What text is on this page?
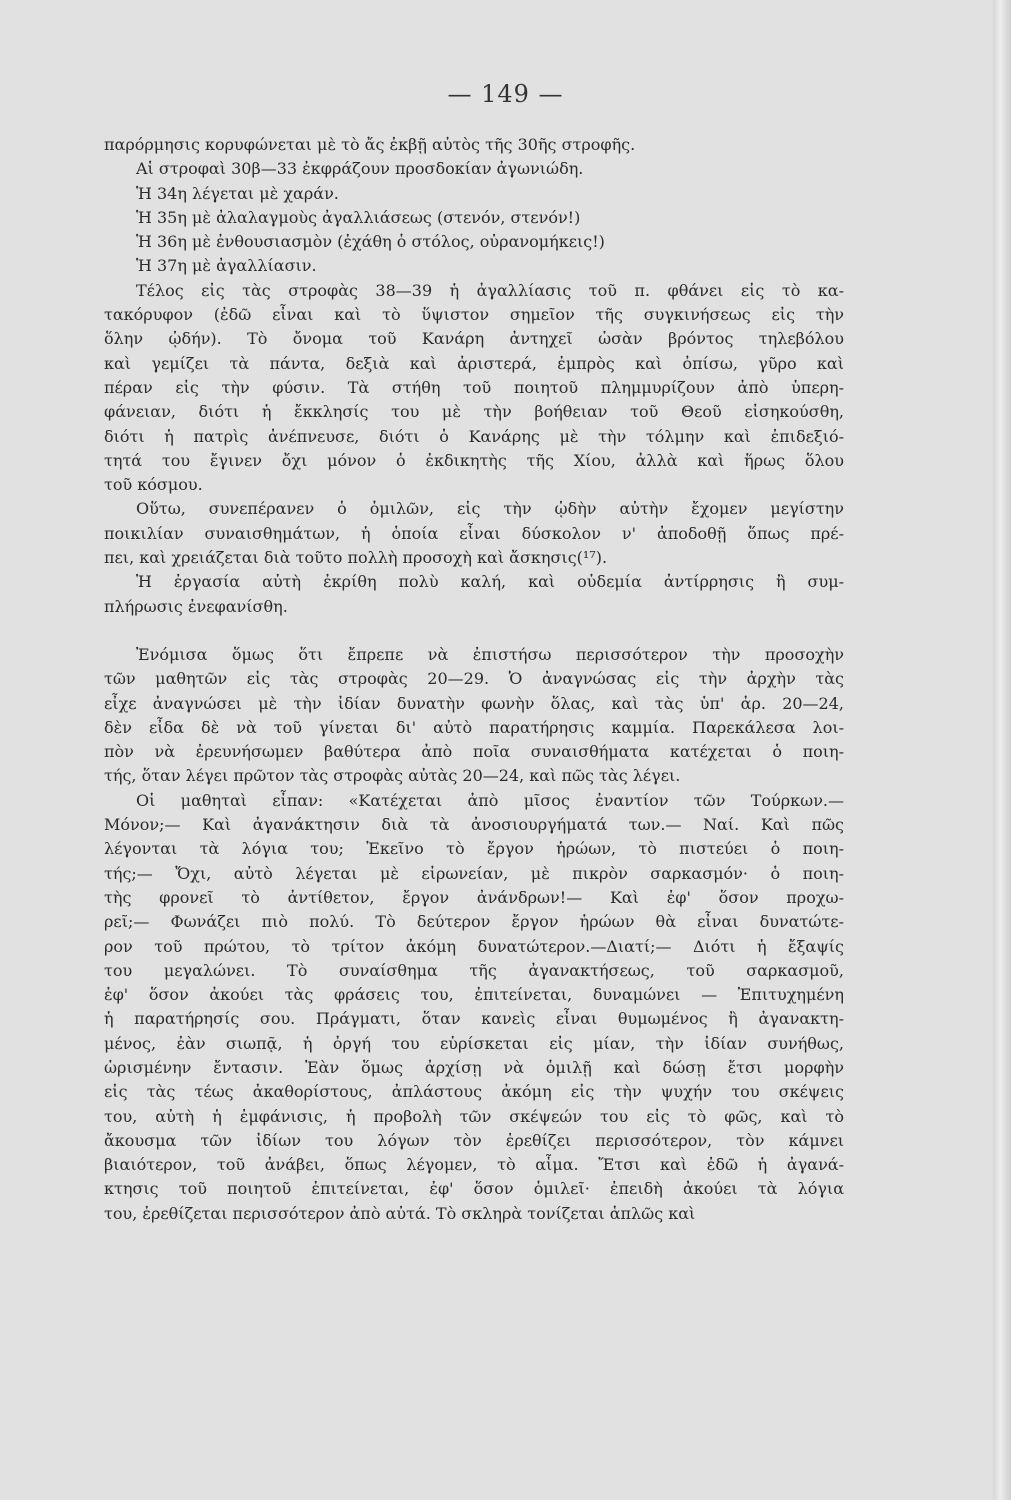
— 149 —
παρόρμησις κορυφώνεται μὲ τὸ ἄς ἐκβῇ αὐτὸς τῆς 30ῆς στροφῆς.
Αἱ στροφαὶ 30β—33 ἐκφράζουν προσδοκίαν ἀγωνιώδη.
Ἡ 34η λέγεται μὲ χαράν.
Ἡ 35η μὲ ἀλαλαγμοὺς ἀγαλλιάσεως (στενόν, στενόν!)
Ἡ 36η μὲ ἐνθουσιασμὸν (ἐχάθη ὁ στόλος, οὐρανομήκεις!)
Ἡ 37η μὲ ἀγαλλίασιν.
Τέλος εἰς τὰς στροφὰς 38—39 ἡ ἀγαλλίασις τοῦ π. φθάνει εἰς τὸ κα-
τακόρυφον (ἐδῶ εἶναι καὶ τὸ ὕψιστον σημεῖον τῆς συγκινήσεως εἰς τὴν
ὅλην ᾠδήν). Τὸ ὄνομα τοῦ Κανάρη ἀντηχεῖ ὡσὰν βρόντος τηλεβόλου
καὶ γεμίζει τὰ πάντα, δεξιὰ καὶ ἀριστερά, ἐμπρὸς καὶ ὀπίσω, γῦρο καὶ
πέραν εἰς τὴν φύσιν. Τὰ στήθη τοῦ ποιητοῦ πλημμυρίζουν ἀπὸ ὑπερη-
φάνειαν, διότι ἡ ἔκκλησίς του μὲ τὴν βοήθειαν τοῦ Θεοῦ εἰσηκούσθη,
διότι ἡ πατρὶς ἀνέπνευσε, διότι ὁ Κανάρης μὲ τὴν τόλμην καὶ ἐπιδεξιό-
τητά του ἔγινεν ὄχι μόνον ὁ ἐκδικητὴς τῆς Χίου, ἀλλὰ καὶ ἥρως ὅλου
τοῦ κόσμου.
Οὕτω, συνεπέρανεν ὁ ὁμιλῶν, εἰς τὴν ᾠδὴν αὐτὴν ἔχομεν μεγίστην
ποικιλίαν συναισθημάτων, ἡ ὁποία εἶναι δύσκολον ν' ἀποδοθῇ ὅπως πρέ-
πει, καὶ χρειάζεται διὰ τοῦτο πολλὴ προσοχὴ καὶ ἄσκησις(¹⁷).
Ἡ ἐργασία αὐτὴ ἐκρίθη πολὺ καλή, καὶ οὐδεμία ἀντίρρησις ἢ συμ-
πλήρωσις ἐνεφανίσθη.
Ἐνόμισα ὅμως ὅτι ἔπρεπε νὰ ἐπιστήσω περισσότερον τὴν προσοχὴν
τῶν μαθητῶν εἰς τὰς στροφὰς 20—29. Ὁ ἀναγνώσας εἰς τὴν ἀρχὴν τὰς
εἶχε ἀναγνώσει μὲ τὴν ἰδίαν δυνατὴν φωνὴν ὅλας, καὶ τὰς ὑπ' ἀρ. 20—24,
δὲν εἶδα δὲ νὰ τοῦ γίνεται δι' αὐτὸ παρατήρησις καμμία. Παρεκάλεσα λοι-
πὸν νὰ ἐρευνήσωμεν βαθύτερα ἀπὸ ποῖα συναισθήματα κατέχεται ὁ ποιη-
τής, ὅταν λέγει πρῶτον τὰς στροφὰς αὐτὰς 20—24, καὶ πῶς τὰς λέγει.
Οἱ μαθηταὶ εἶπαν: «Κατέχεται ἀπὸ μῖσος ἐναντίον τῶν Τούρκων.—
Μόνον;— Καὶ ἀγανάκτησιν διὰ τὰ ἀνοσιουργήματά των.— Ναί. Καὶ πῶς
λέγονται τὰ λόγια του; Ἐκεῖνο τὸ ἔργον ἡρώων, τὸ πιστεύει ὁ ποιη-
τής;— Ὄχι, αὐτὸ λέγεται μὲ εἰρωνείαν, μὲ πικρὸν σαρκασμόν· ὁ ποιη-
τὴς φρονεῖ τὸ ἀντίθετον, ἔργον ἀνάνδρων!— Καὶ ἐφ' ὅσον προχω-
ρεῖ;— Φωνάζει πιὸ πολύ. Τὸ δεύτερον ἔργον ἡρώων θὰ εἶναι δυνατώτε-
ρον τοῦ πρώτου, τὸ τρίτον ἀκόμη δυνατώτερον.—Διατί;— Διότι ἡ ἔξαψίς
του μεγαλώνει. Τὸ συναίσθημα τῆς ἀγανακτήσεως, τοῦ σαρκασμοῦ,
ἐφ' ὅσον ἀκούει τὰς φράσεις του, ἐπιτείνεται, δυναμώνει — Ἐπιτυχημένη
ἡ παρατήρησίς σου. Πράγματι, ὅταν κανεὶς εἶναι θυμωμένος ἢ ἀγανακτη-
μένος, ἐὰν σιωπᾷ, ἡ ὀργή του εὑρίσκεται εἰς μίαν, τὴν ἰδίαν συνήθως,
ὡρισμένην ἔντασιν. Ἐὰν ὅμως ἀρχίσῃ νὰ ὁμιλῇ καὶ δώσῃ ἔτσι μορφὴν
εἰς τὰς τέως ἀκαθορίστους, ἀπλάστους ἀκόμη εἰς τὴν ψυχήν του σκέψεις
του, αὐτὴ ἡ ἐμφάνισις, ἡ προβολὴ τῶν σκέψεών του εἰς τὸ φῶς, καὶ τὸ
ἄκουσμα τῶν ἰδίων του λόγων τὸν ἐρεθίζει περισσότερον, τὸν κάμνει
βιαιότερον, τοῦ ἀνάβει, ὅπως λέγομεν, τὸ αἷμα. Ἔτσι καὶ ἐδῶ ἡ ἀγανά-
κτησις τοῦ ποιητοῦ ἐπιτείνεται, ἐφ' ὅσον ὁμιλεῖ· ἐπειδὴ ἀκούει τὰ λόγια
του, ἐρεθίζεται περισσότερον ἀπὸ αὐτά. Τὸ σκληρὰ τονίζεται ἁπλῶς καὶ
